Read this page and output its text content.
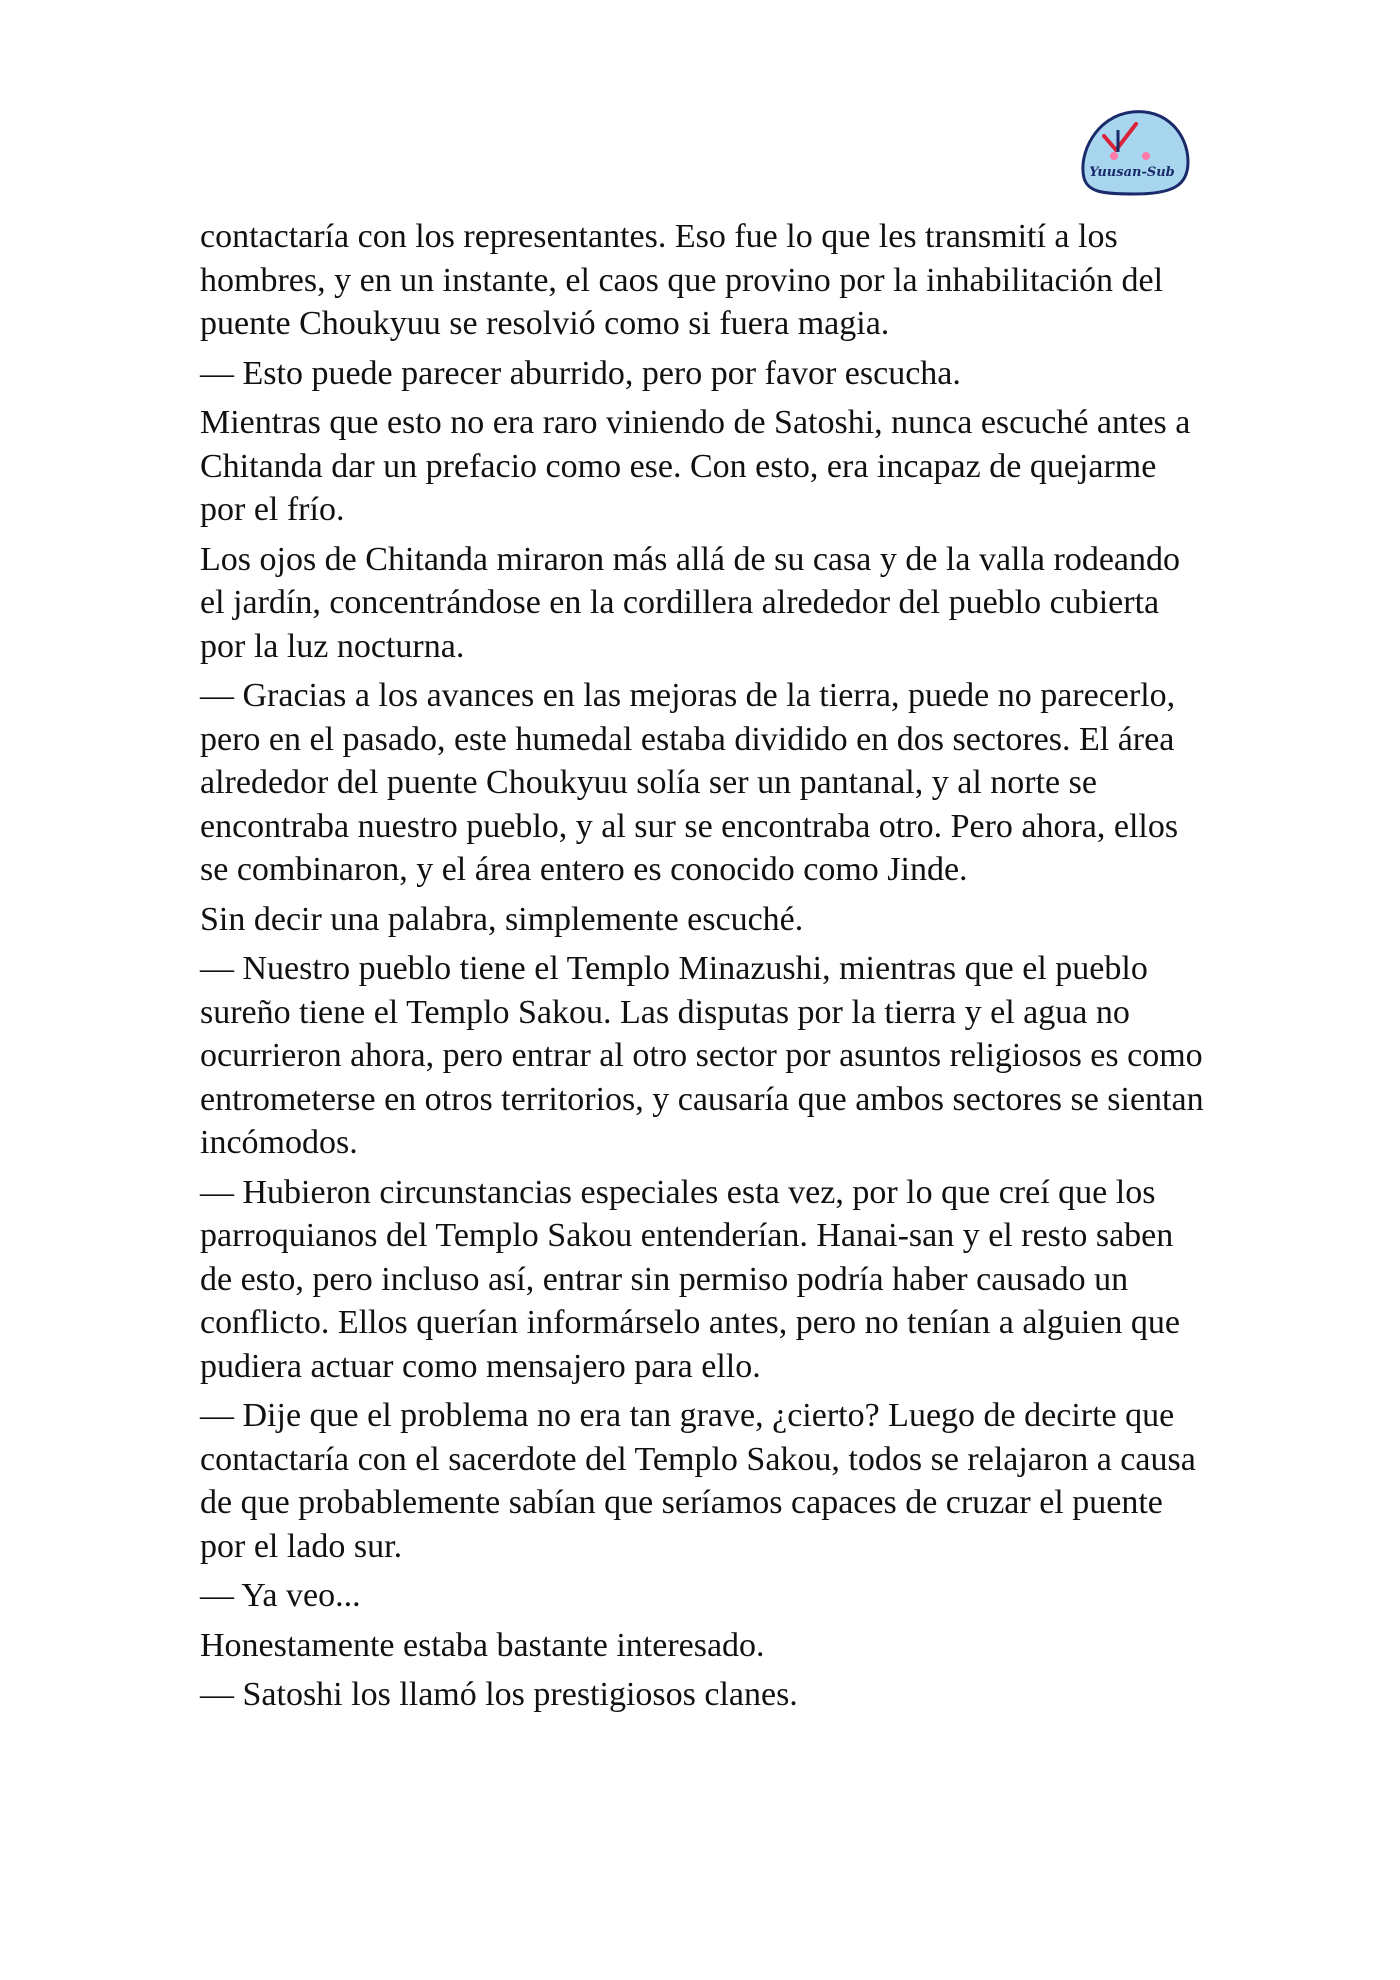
Yuusan-Sub

contactaría con los representantes. Eso fue lo que les transmití a los hombres, y en un instante, el caos que provino por la inhabilitación del puente Choukyuu se resolvió como si fuera magia.

— Esto puede parecer aburrido, pero por favor escucha.

Mientras que esto no era raro viniendo de Satoshi, nunca escuché antes a Chitanda dar un prefacio como ese. Con esto, era incapaz de quejarme por el frío.

Los ojos de Chitanda miraron más allá de su casa y de la valla rodeando el jardín, concentrándose en la cordillera alrededor del pueblo cubierta por la luz nocturna.

— Gracias a los avances en las mejoras de la tierra, puede no parecerlo, pero en el pasado, este humedal estaba dividido en dos sectores. El área alrededor del puente Choukyuu solía ser un pantanal, y al norte se encontraba nuestro pueblo, y al sur se encontraba otro. Pero ahora, ellos se combinaron, y el área entero es conocido como Jinde.

Sin decir una palabra, simplemente escuché.

— Nuestro pueblo tiene el Templo Minazushi, mientras que el pueblo sureño tiene el Templo Sakou. Las disputas por la tierra y el agua no ocurrieron ahora, pero entrar al otro sector por asuntos religiosos es como entrometerse en otros territorios, y causaría que ambos sectores se sientan incómodos.

— Hubieron circunstancias especiales esta vez, por lo que creí que los parroquianos del Templo Sakou entenderían. Hanai-san y el resto saben de esto, pero incluso así, entrar sin permiso podría haber causado un conflicto. Ellos querían informárselo antes, pero no tenían a alguien que pudiera actuar como mensajero para ello.

— Dije que el problema no era tan grave, ¿cierto? Luego de decirte que contactaría con el sacerdote del Templo Sakou, todos se relajaron a causa de que probablemente sabían que seríamos capaces de cruzar el puente por el lado sur.

— Ya veo...

Honestamente estaba bastante interesado.

— Satoshi los llamó los prestigiosos clanes.
